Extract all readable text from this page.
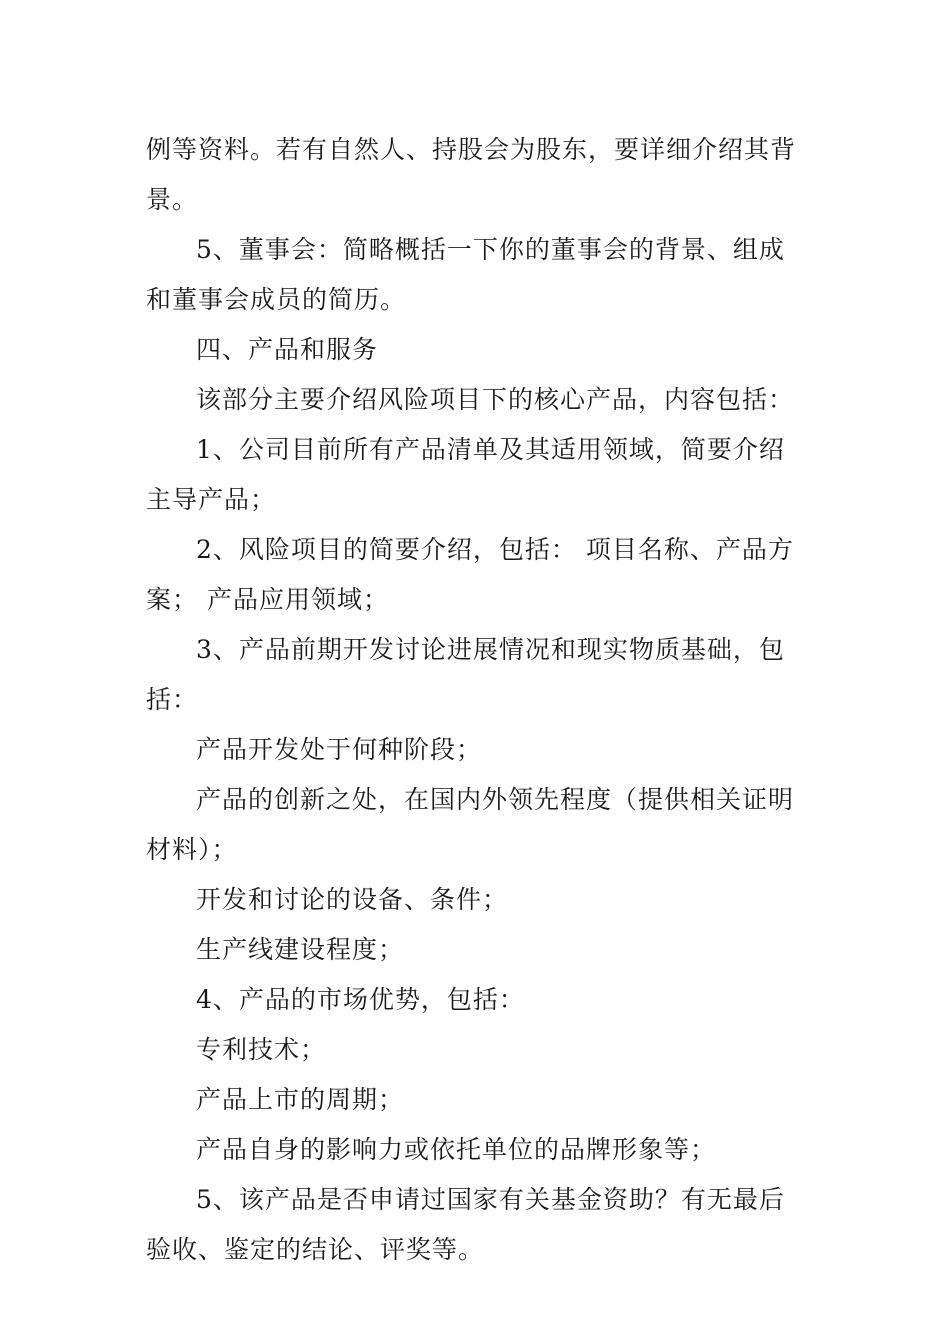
例等资料。若有自然人、持股会为股东，要详细介绍其背景。

5、董事会：简略概括一下你的董事会的背景、组成和董事会成员的简历。

四、产品和服务

该部分主要介绍风险项目下的核心产品，内容包括：

1、公司目前所有产品清单及其适用领域，简要介绍主导产品；

2、风险项目的简要介绍，包括： 项目名称、产品方案； 产品应用领域；

3、产品前期开发讨论进展情况和现实物质基础，包括：

产品开发处于何种阶段；

产品的创新之处，在国内外领先程度（提供相关证明材料）；

开发和讨论的设备、条件；

生产线建设程度；

4、产品的市场优势，包括：

专利技术；

产品上市的周期；

产品自身的影响力或依托单位的品牌形象等；

5、该产品是否申请过国家有关基金资助？有无最后验收、鉴定的结论、评奖等。
